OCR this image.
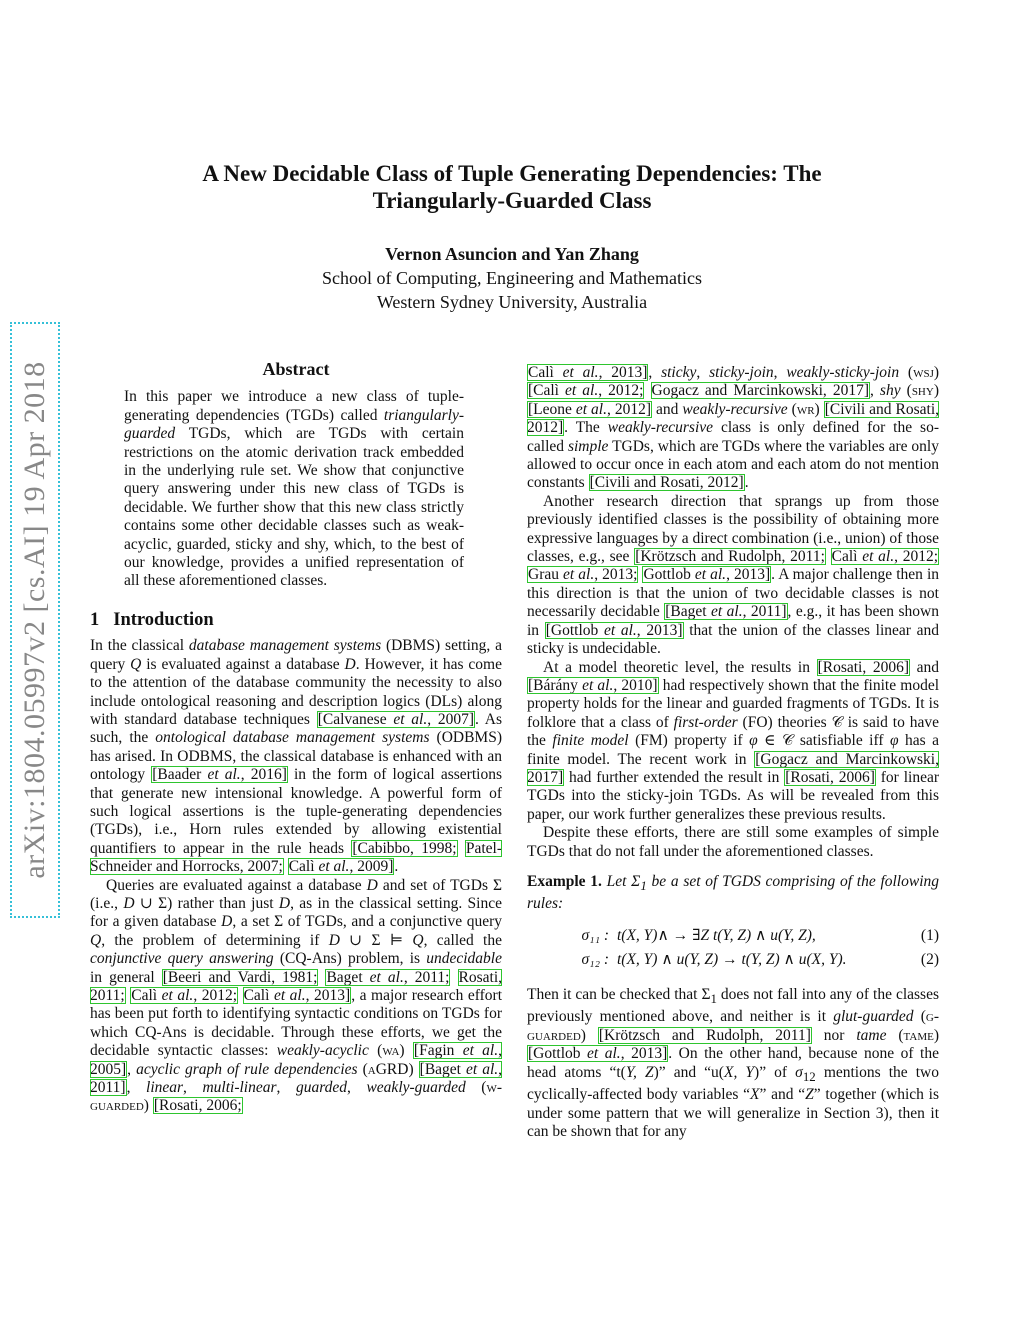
arXiv:1804.05997v2 [cs.AI] 19 Apr 2018
A New Decidable Class of Tuple Generating Dependencies: The
Triangularly-Guarded Class
Vernon Asuncion and Yan Zhang
School of Computing, Engineering and Mathematics
Western Sydney University, Australia
Abstract

In this paper we introduce a new class of tuple-generating dependencies (TGDs) called triangularly-guarded TGDs, which are TGDs with certain restrictions on the atomic derivation track embedded in the underlying rule set. We show that conjunctive query answering under this new class of TGDs is decidable. We further show that this new class strictly contains some other decidable classes such as weak-acyclic, guarded, sticky and shy, which, to the best of our knowledge, provides a unified representation of all these aforementioned classes.

1 Introduction

In the classical database management systems (DBMS) setting, a query Q is evaluated against a database D. However, it has come to the attention of the database community the necessity to also include ontological reasoning and description logics (DLs) along with standard database techniques [Calvanese et al., 2007]. As such, the ontological database management systems (ODBMS) has arised. In ODBMS, the classical database is enhanced with an ontology [Baader et al., 2016] in the form of logical assertions that generate new intensional knowledge. A powerful form of such logical assertions is the tuple-generating dependencies (TGDs), i.e., Horn rules extended by allowing existential quantifiers to appear in the rule heads [Cabibbo, 1998; Patel-Schneider and Horrocks, 2007; Calì et al., 2009].

Queries are evaluated against a database D and set of TGDs Σ (i.e., D ∪ Σ) rather than just D, as in the classical setting. Since for a given database D, a set Σ of TGDs, and a conjunctive query Q, the problem of determining if D ∪ Σ ⊨ Q, called the conjunctive query answering (CQ-Ans) problem, is undecidable in general [Beeri and Vardi, 1981; Baget et al., 2011; Rosati, 2011; Calì et al., 2012; Calì et al., 2013], a major research effort has been put forth to identifying syntactic conditions on TGDs for which CQ-Ans is decidable. Through these efforts, we get the decidable syntactic classes: weakly-acyclic (wa) [Fagin et al., 2005], acyclic graph of rule dependencies (aGRD) [Baget et al., 2011], linear, multi-linear, guarded, weakly-guarded (w-guarded) [Rosati, 2006;

Calì et al., 2013], sticky, sticky-join, weakly-sticky-join (wsj) [Calì et al., 2012; Gogacz and Marcinkowski, 2017], shy (shy) [Leone et al., 2012] and weakly-recursive (wr) [Civili and Rosati, 2012]. The weakly-recursive class is only defined for the so-called simple TGDs, which are TGDs where the variables are only allowed to occur once in each atom and each atom do not mention constants [Civili and Rosati, 2012].

Another research direction that sprangs up from those previously identified classes is the possibility of obtaining more expressive languages by a direct combination (i.e., union) of those classes, e.g., see [Krötzsch and Rudolph, 2011; Calì et al., 2012; Grau et al., 2013; Gottlob et al., 2013]. A major challenge then in this direction is that the union of two decidable classes is not necessarily decidable [Baget et al., 2011], e.g., it has been shown in [Gottlob et al., 2013] that the union of the classes linear and sticky is undecidable.

At a model theoretic level, the results in [Rosati, 2006] and [Bárány et al., 2010] had respectively shown that the finite model property holds for the linear and guarded fragments of TGDs. It is folklore that a class of first-order (FO) theories 𝒞 is said to have the finite model (FM) property if φ ∈ 𝒞 satisfiable iff φ has a finite model. The recent work in [Gogacz and Marcinkowski, 2017] had further extended the result in [Rosati, 2006] for linear TGDs into the sticky-join TGDs. As will be revealed from this paper, our work further generalizes these previous results.

Despite these efforts, there are still some examples of simple TGDs that do not fall under the aforementioned classes.

Example 1. Let $\Sigma_1$ be a set of TGDS comprising of the following rules:

σ₁₁ : t(X, Y)∧ → ∃Z t(Y, Z) ∧ u(Y, Z),	(1)
σ₁₂ : t(X, Y) ∧ u(Y, Z) → t(Y, Z) ∧ u(X, Y).	(2)

Then it can be checked that $\Sigma_1$ does not fall into any of the classes previously mentioned above, and neither is it glut-guarded (g-guarded) [Krötzsch and Rudolph, 2011] nor tame (tame) [Gottlob et al., 2013]. On the other hand, because none of the head atoms “t(Y, Z)” and “u(X, Y)” of $\sigma_{12}$ mentions the two cyclically-affected body variables “X” and “Z” together (which is under some pattern that we will generalize in Section 3), then it can be shown that for any
